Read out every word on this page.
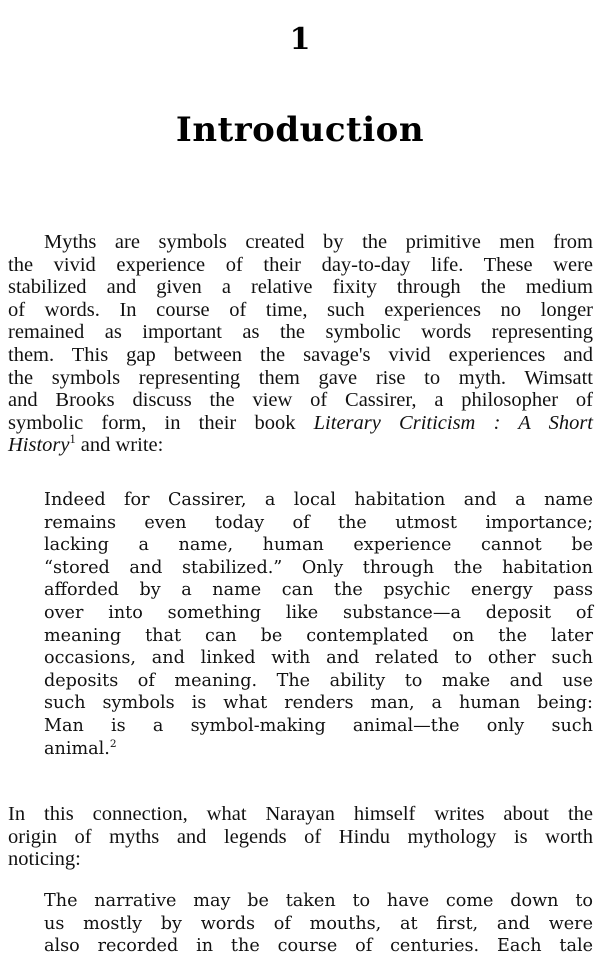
1
Introduction
Myths are symbols created by the primitive men from
the vivid experience of their day-to-day life. These were
stabilized and given a relative fixity through the medium
of words. In course of time, such experiences no longer
remained as important as the symbolic words representing
them. This gap between the savage's vivid experiences and
the symbols representing them gave rise to myth. Wimsatt
and Brooks discuss the view of Cassirer, a philosopher of
symbolic form, in their book Literary Criticism : A Short
History$^1$ and write:
Indeed for Cassirer, a local habitation and a name
remains even today of the utmost importance;
lacking a name, human experience cannot be
“stored and stabilized.” Only through the habitation
afforded by a name can the psychic energy pass
over into something like substance—a deposit of
meaning that can be contemplated on the later
occasions, and linked with and related to other such
deposits of meaning. The ability to make and use
such symbols is what renders man, a human being:
Man is a symbol-making animal—the only such
animal.$^2$
In this connection, what Narayan himself writes about the
origin of myths and legends of Hindu mythology is worth
noticing:
The narrative may be taken to have come down to
us mostly by words of mouths, at first, and were
also recorded in the course of centuries. Each tale
